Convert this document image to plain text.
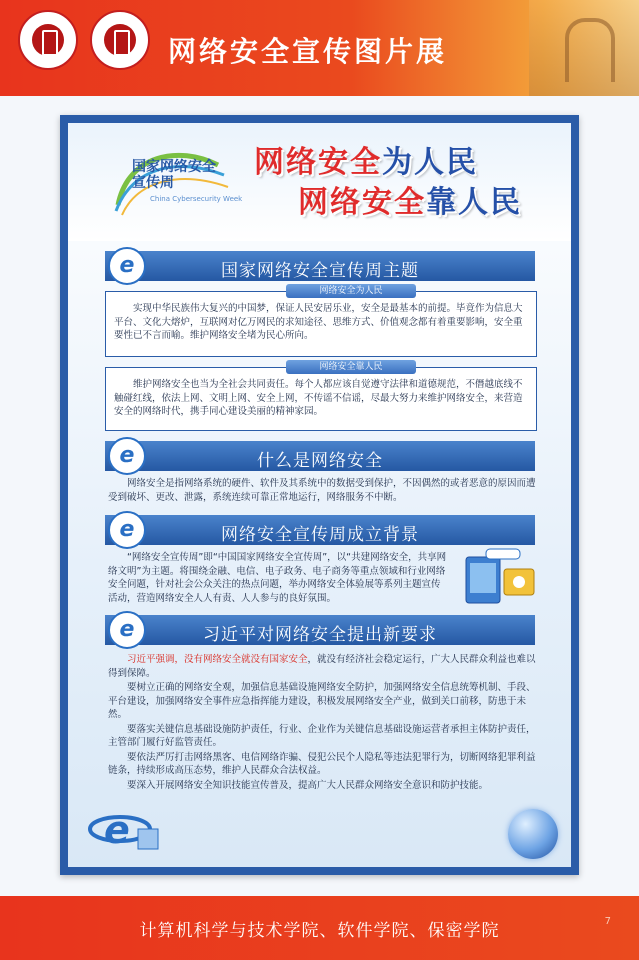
网络安全宣传图片展
国家网络安全
宣传周
China Cybersecurity Week
网络安全为人民
网络安全靠人民
国家网络安全宣传周主题
e
网络安全为人民

实现中华民族伟大复兴的中国梦，保证人民安居乐业，安全是最基本的前提。毕竟作为信息大平台、文化大熔炉，互联网对亿万网民的求知途径、思维方式、价值观念都有着重要影响，安全重要性已不言而喻。维护网络安全堵为民心所向。

网络安全靠人民

维护网络安全也当为全社会共同责任。每个人都应该自觉遵守法律和道德规范，不僭越底线不触碰红线，依法上网、文明上网、安全上网，不传谣不信谣，尽最大努力来维护网络安全，来营造安全的网络时代，携手同心建设美丽的精神家园。

什么是网络安全
e

网络安全是指网络系统的硬件、软件及其系统中的数据受到保护，不因偶然的或者恶意的原因而遭受到破坏、更改、泄露，系统连续可靠正常地运行，网络服务不中断。

网络安全宣传周成立背景
e

“网络安全宣传周”即“中国国家网络安全宣传周”，以“共建网络安全，共享网络文明”为主题。将围绕金融、电信、电子政务、电子商务等重点领域和行业网络安全问题，针对社会公众关注的热点问题，举办网络安全体验展等系列主题宣传活动，营造网络安全人人有责、人人参与的良好氛围。

习近平对网络安全提出新要求
e

习近平强调，没有网络安全就没有国家安全，就没有经济社会稳定运行，广大人民群众利益也难以得到保障。

要树立正确的网络安全观，加强信息基础设施网络安全防护，加强网络安全信息统筹机制、手段、平台建设，加强网络安全事件应急指挥能力建设，积极发展网络安全产业，做到关口前移，防患于未然。

要落实关键信息基础设施防护责任，行业、企业作为关键信息基础设施运营者承担主体防护责任，主管部门履行好监管责任。

要依法严厉打击网络黑客、电信网络诈骗、侵犯公民个人隐私等违法犯罪行为，切断网络犯罪利益链条，持续形成高压态势，维护人民群众合法权益。

要深入开展网络安全知识技能宣传普及，提高广大人民群众网络安全意识和防护技能。

e
计算机科学与技术学院、软件学院、保密学院	7
